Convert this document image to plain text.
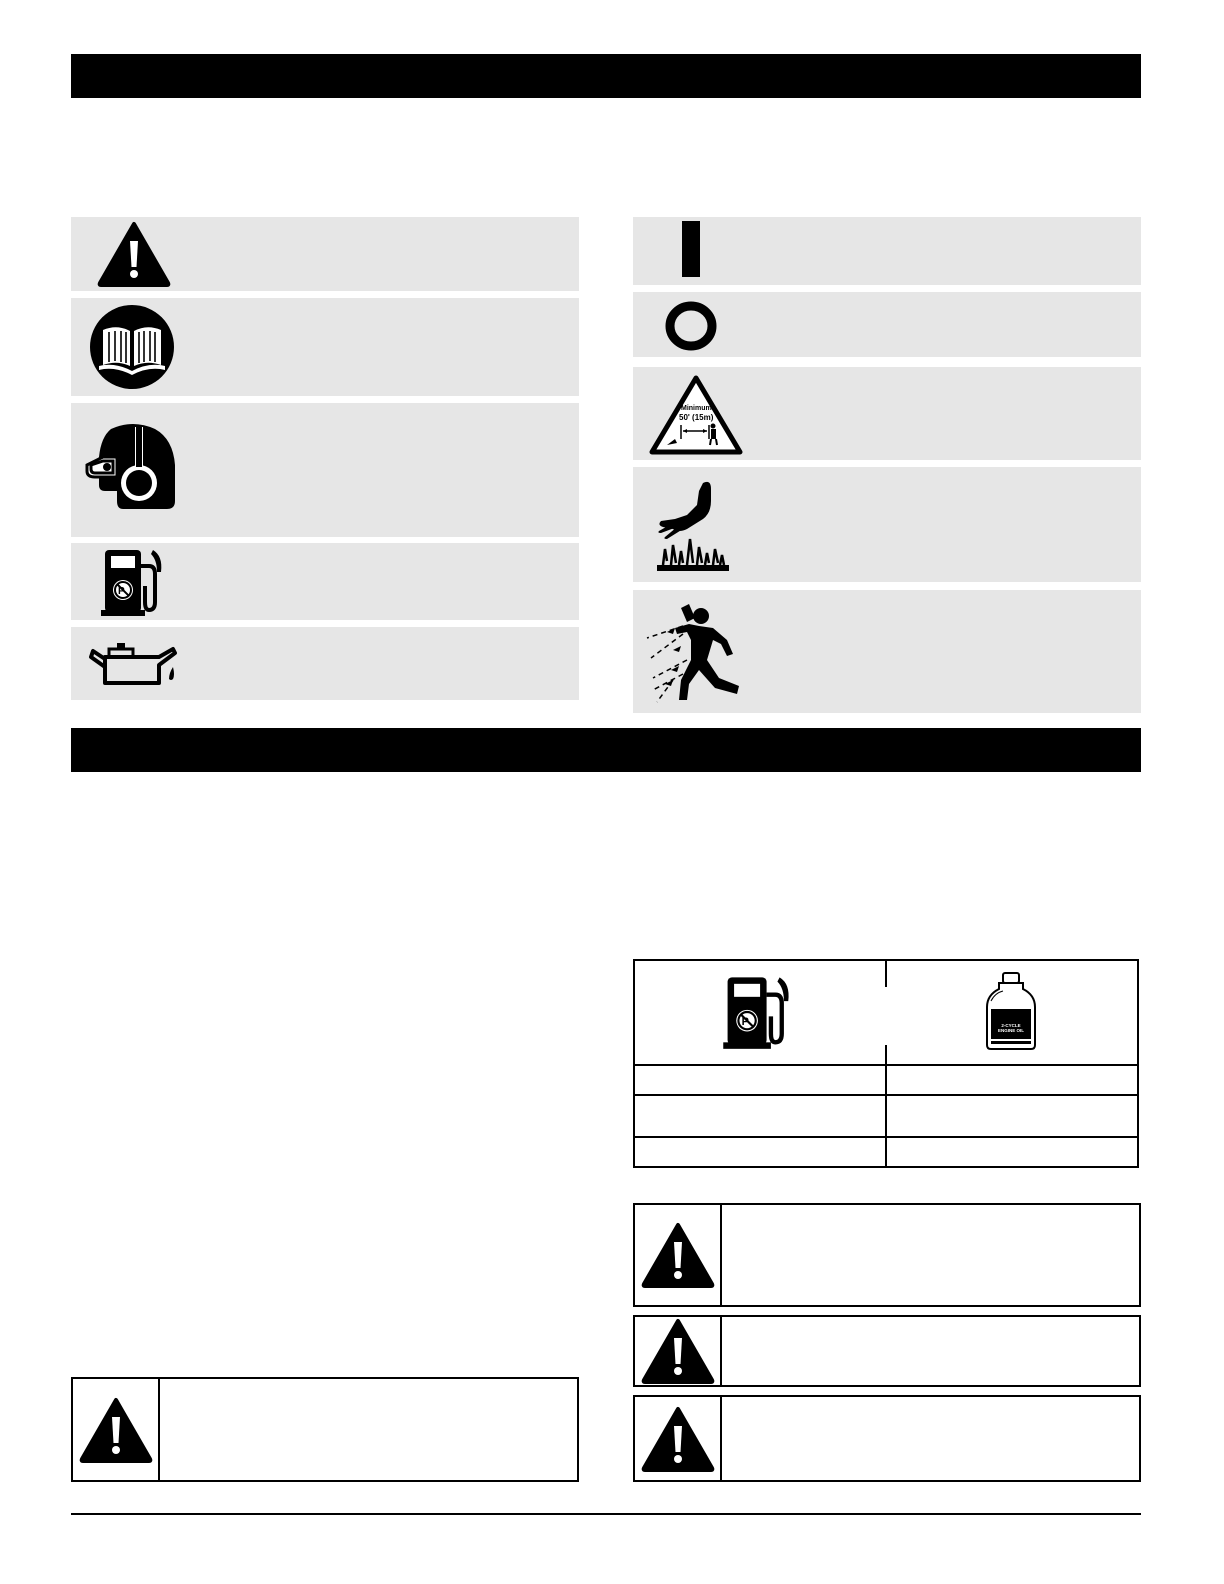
P
Minimum
50' (15m)
P	2-CYCLE ENGINE OIL
